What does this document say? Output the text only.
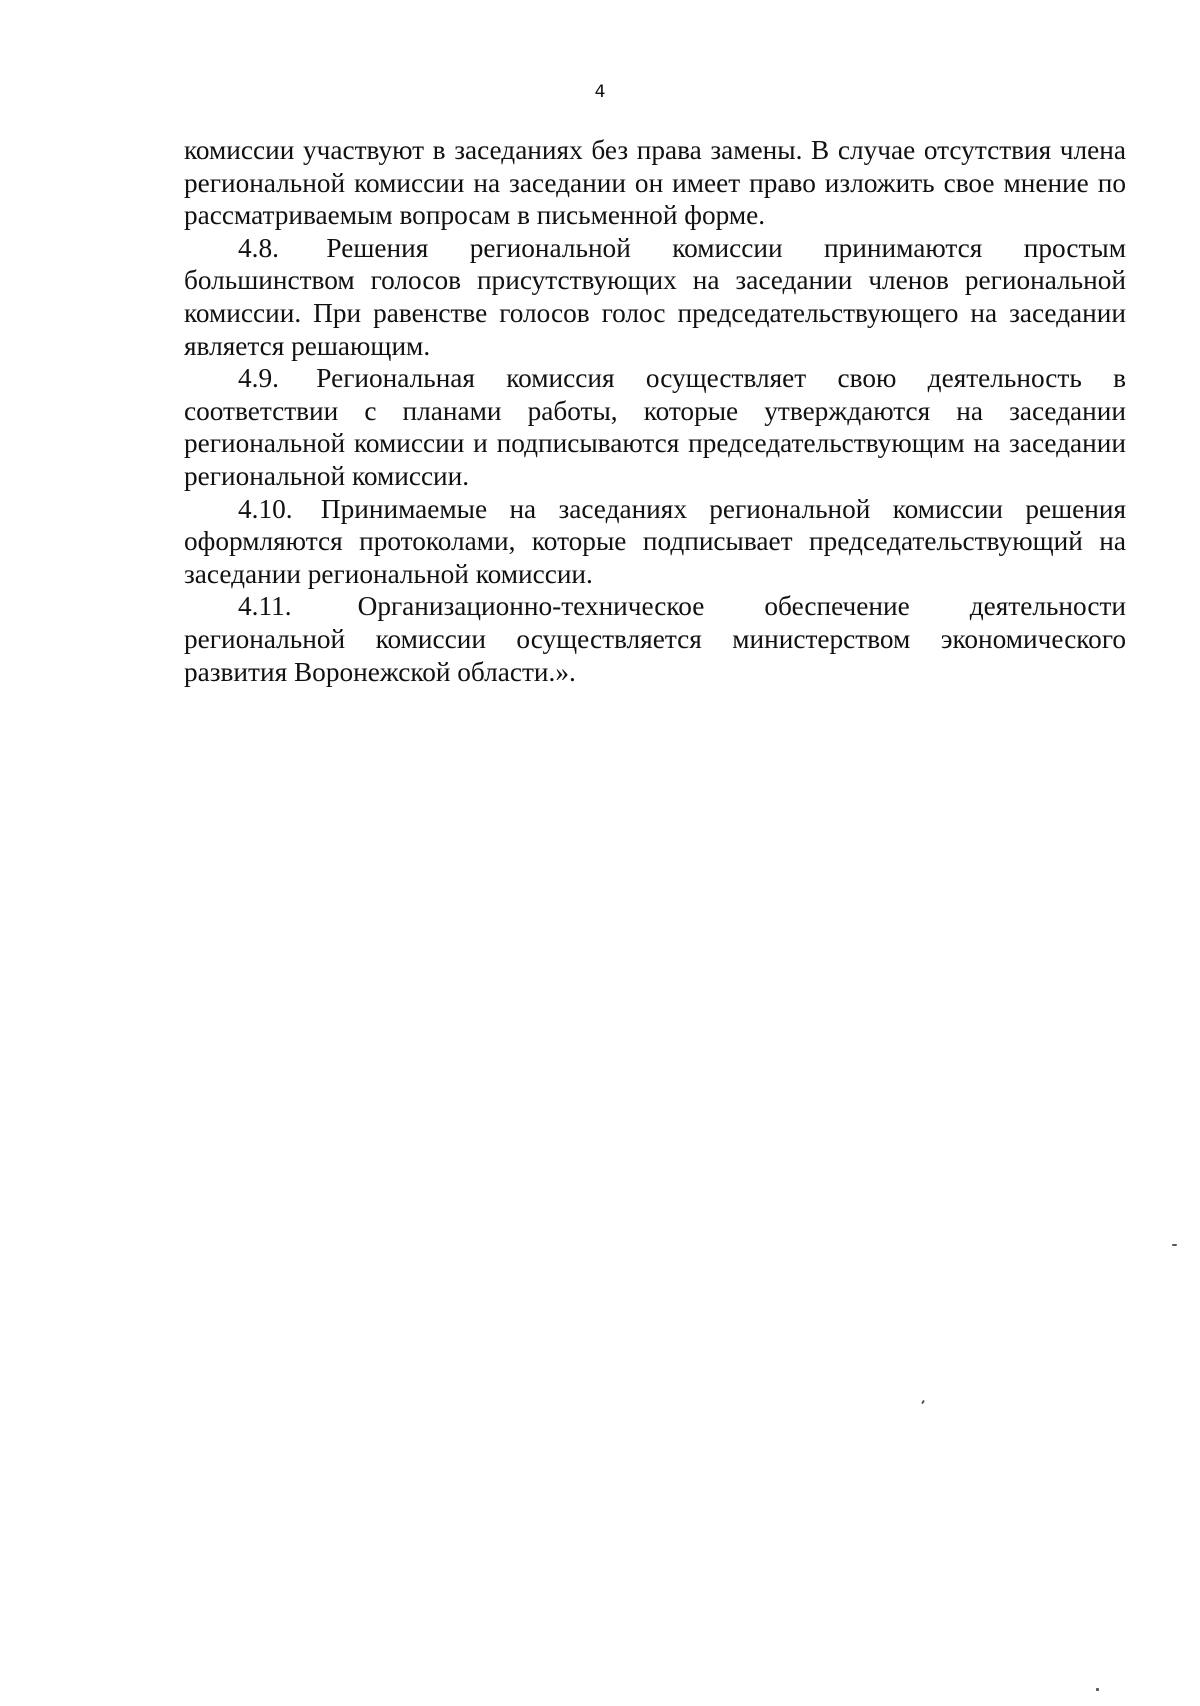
4

комиссии участвуют в заседаниях без права замены. В случае отсутствия члена региональной комиссии на заседании он имеет право изложить свое мнение по рассматриваемым вопросам в письменной форме.

4.8. Решения региональной комиссии принимаются простым большинством голосов присутствующих на заседании членов региональной комиссии. При равенстве голосов голос председательствующего на заседании является решающим.

4.9. Региональная комиссия осуществляет свою деятельность в соответствии с планами работы, которые утверждаются на заседании региональной комиссии и подписываются председательствующим на заседании региональной комиссии.

4.10. Принимаемые на заседаниях региональной комиссии решения оформляются протоколами, которые подписывает председательствующий на заседании региональной комиссии.

4.11. Организационно-техническое обеспечение деятельности региональной комиссии осуществляется министерством экономического развития Воронежской области.».
